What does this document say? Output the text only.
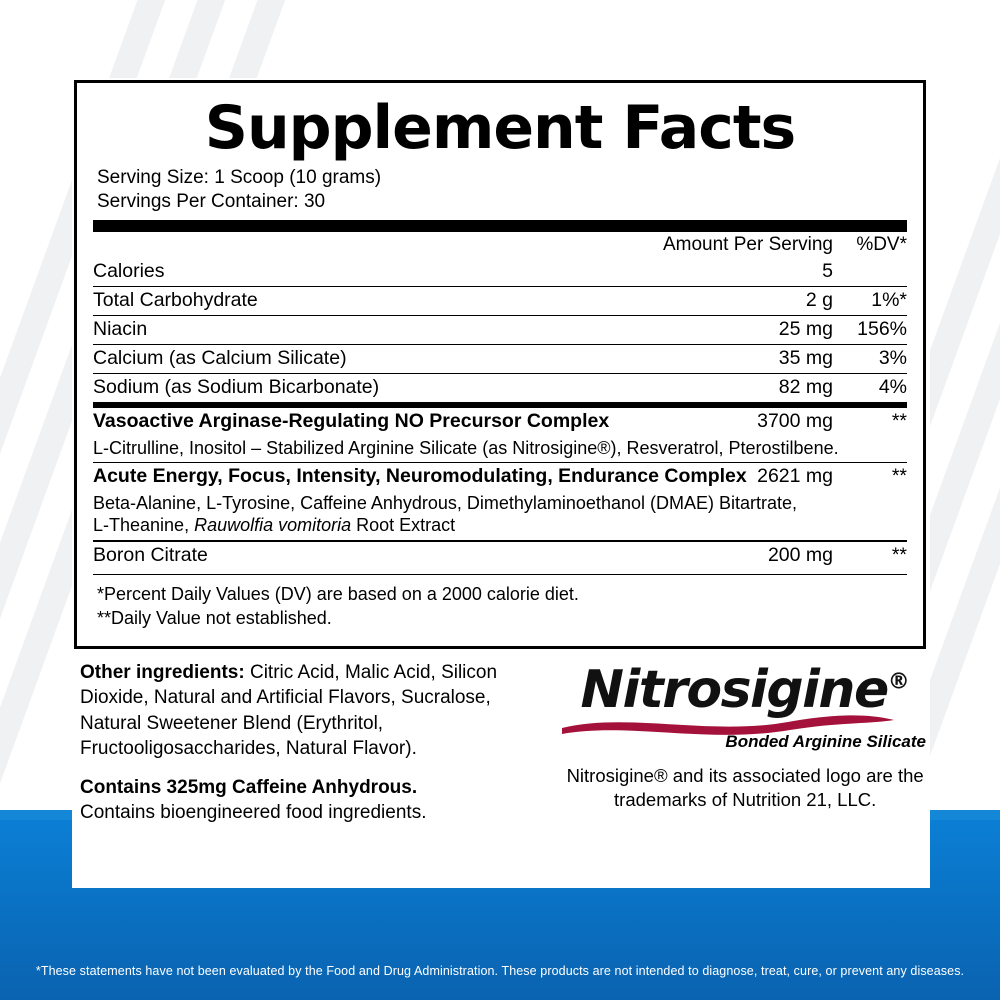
Supplement Facts
Serving Size: 1 Scoop (10 grams)
Servings Per Container: 30
	Amount Per Serving	%DV*
Calories	5	
Total Carbohydrate	2 g	1%*
Niacin	25 mg	156%
Calcium (as Calcium Silicate)	35 mg	3%
Sodium (as Sodium Bicarbonate)	82 mg	4%
Vasoactive Arginase-Regulating NO Precursor Complex	3700 mg	**
L-Citrulline, Inositol – Stabilized Arginine Silicate (as Nitrosigine®), Resveratrol, Pterostilbene.		
Acute Energy, Focus, Intensity, Neuromodulating, Endurance Complex	2621 mg	**
Beta-Alanine, L-Tyrosine, Caffeine Anhydrous, Dimethylaminoethanol (DMAE) Bitartrate,
L-Theanine, Rauwolfia vomitoria Root Extract		

Boron Citrate	200 mg	**
*Percent Daily Values (DV) are based on a 2000 calorie diet.
**Daily Value not established.
Other ingredients: Citric Acid, Malic Acid, Silicon Dioxide, Natural and Artificial Flavors, Sucralose, Natural Sweetener Blend (Erythritol, Fructooligosaccharides, Natural Flavor).
Contains 325mg Caffeine Anhydrous.
Contains bioengineered food ingredients.
Nitrosigine®
Bonded Arginine Silicate
Nitrosigine® and its associated logo are the
trademarks of Nutrition 21, LLC.
*These statements have not been evaluated by the Food and Drug Administration. These products are not intended to diagnose, treat, cure, or prevent any diseases.
